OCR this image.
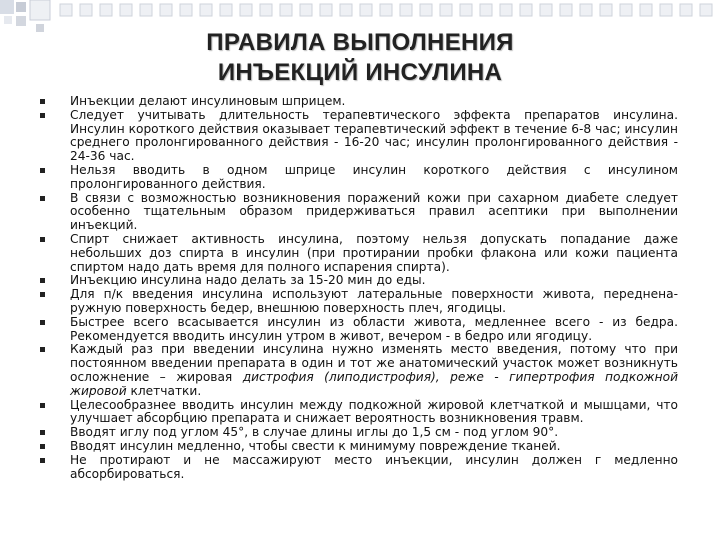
ПРАВИЛА ВЫПОЛНЕНИЯ
ИНЪЕКЦИЙ ИНСУЛИНА
Инъекции делают инсулиновым шприцем.
Следует учитывать длительность терапевтического эффекта препаратов инсулина. Инсулин короткого действия оказывает терапевтический эффект в течение 6-8 час; инсулин среднего пролонгированного действия - 16-20 час; инсулин пролонгированного действия - 24-36 час.
Нельзя вводить в одном шприце инсулин короткого действия с инсулином пролонгированного действия.
В связи с возможностью возникновения поражений кожи при сахарном диабете следует особенно тщательным образом придерживаться правил асептики при выполнении инъекций.
Спирт снижает активность инсулина, поэтому нельзя допускать попадание даже небольших доз спирта в инсулин (при протирании пробки флакона или кожи пациента спиртом надо дать время для полного испарения спирта).
Инъекцию инсулина надо делать за 15-20 мин до еды.
Для п/к введения инсулина используют латеральные поверхности живота, передненаружную поверхность бедер, внешнюю поверхность плеч, ягодицы.
Быстрее всего всасывается инсулин из области живота, медленнее всего - из бедра. Рекомендуется вводить инсулин утром в живот, вечером - в бедро или ягодицу.
Каждый раз при введении инсулина нужно изменять место введения, потому что при постоянном введении препарата в один и тот же анатомический участок может возникнуть осложнение – жировая дистрофия (липодистрофия), реже - гипертрофия подкожной жировой клетчатки.
Целесообразнее вводить инсулин между подкожной жировой клетчаткой и мышцами, что улучшает абсорбцию препарата и снижает вероятность возникновения травм.
Вводят иглу под углом 45°, в случае длины иглы до 1,5 см - под углом 90°.
Вводят инсулин медленно, чтобы свести к минимуму повреждение тканей.
Не протирают и не массажируют место инъекции, инсулин должен г медленно абсорбироваться.
